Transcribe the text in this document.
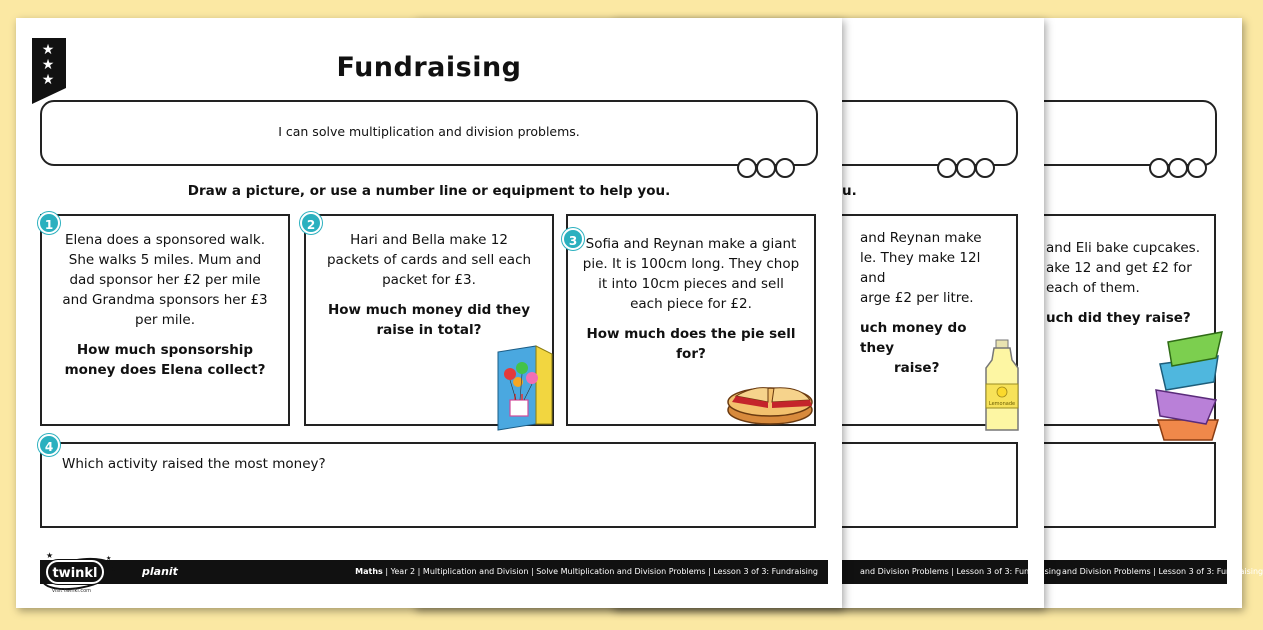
and Eli bake cupcakes.
ake 12 and get £2 for
each of them.
uch did they raise?
and Division Problems | Lesson 3 of 3: Fundraising
u.
and Reynan make
le. They make 12l and
arge £2 per litre.
uch money do they
raise?
Lemonade
and Division Problems | Lesson 3 of 3: Fundraising
★
★
★	Fundraising
I can solve multiplication and division problems.
Draw a picture, or use a number line or equipment to help you.
Elena does a sponsored walk.
She walks 5 miles. Mum and
dad sponsor her £2 per mile
and Grandma sponsors her £3
per mile.
How much sponsorship
money does Elena collect?
1
Hari and Bella make 12
packets of cards and sell each
packet for £3.
How much money did they
raise in total?
2
Sofia and Reynan make a giant
pie. It is 100cm long. They chop
it into 10cm pieces and sell
each piece for £2.
How much does the pie sell for?
3
Which activity raised the most money?
4
Maths | Year 2 | Multiplication and Division | Solve Multiplication and Division Problems | Lesson 3 of 3: Fundraising
★	★
twinkl	planit
visit twinkl.com
